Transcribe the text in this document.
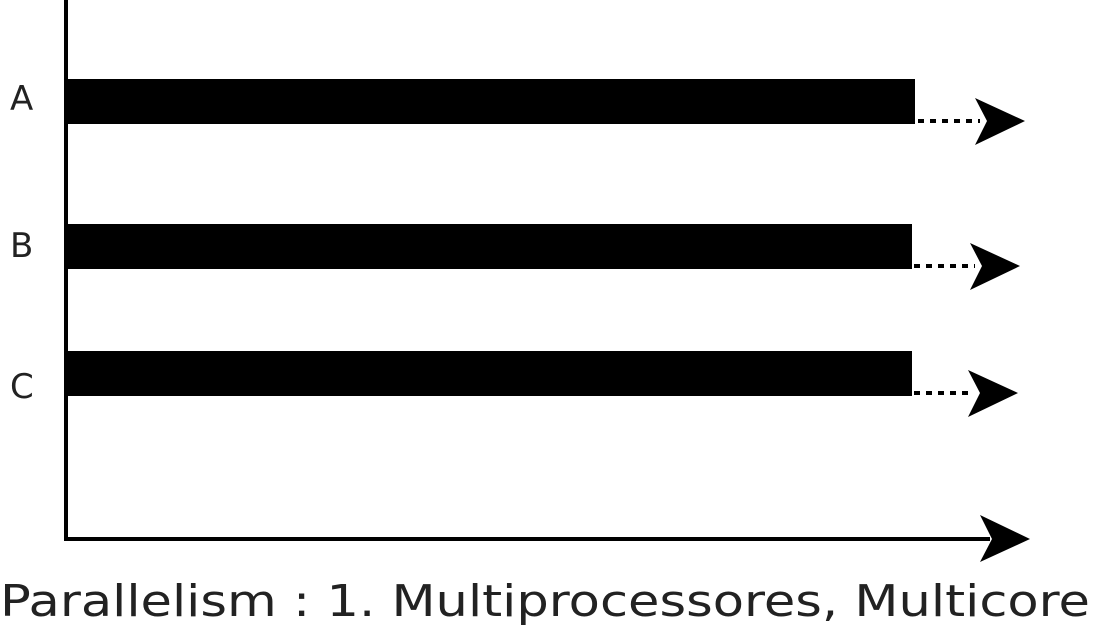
A
B
C
Parallelism : 1. Multiprocessores, Multicore
